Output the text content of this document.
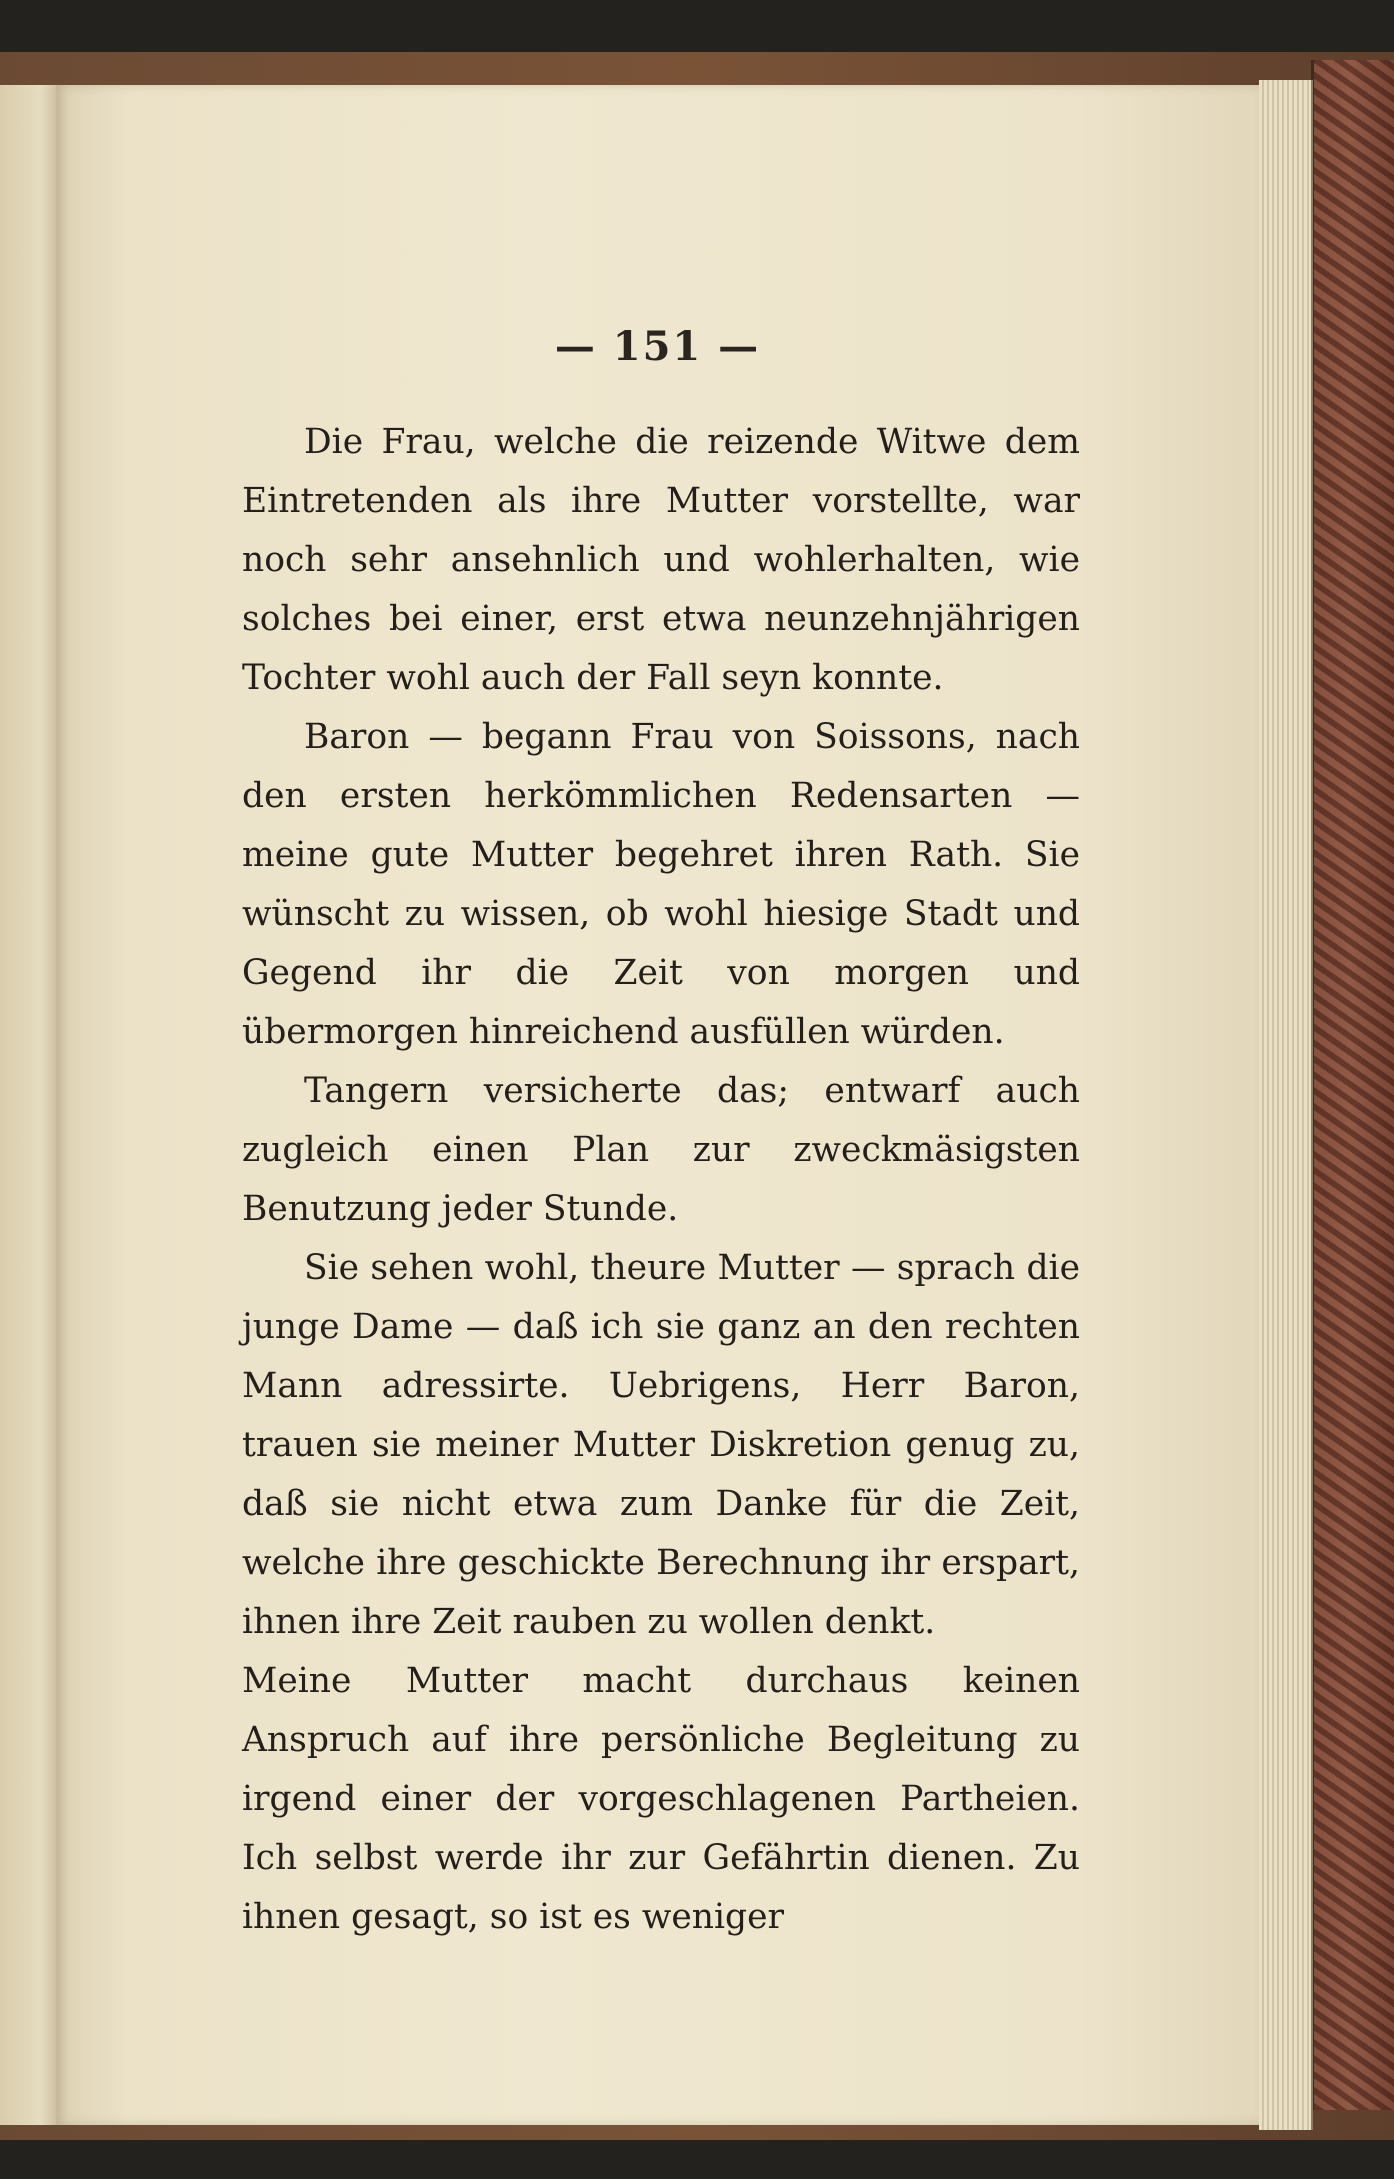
— 151 —

Die Frau, welche die reizende Witwe dem Eintretenden als ihre Mutter vorstellte, war noch sehr ansehnlich und wohlerhalten, wie solches bei einer, erst etwa neunzehnjährigen Tochter wohl auch der Fall seyn konnte.

Baron — begann Frau von Soissons, nach den ersten herkömmlichen Redensarten — meine gute Mutter begehret ihren Rath. Sie wünscht zu wissen, ob wohl hiesige Stadt und Gegend ihr die Zeit von morgen und übermorgen hinreichend ausfüllen würden.

Tangern versicherte das; entwarf auch zugleich einen Plan zur zweckmäsigsten Benutzung jeder Stunde.

Sie sehen wohl, theure Mutter — sprach die junge Dame — daß ich sie ganz an den rechten Mann adressirte. Uebrigens, Herr Baron, trauen sie meiner Mutter Diskretion genug zu, daß sie nicht etwa zum Danke für die Zeit, welche ihre geschickte Berechnung ihr erspart, ihnen ihre Zeit rauben zu wollen denkt.

Meine Mutter macht durchaus keinen Anspruch auf ihre persönliche Begleitung zu irgend einer der vorgeschlagenen Partheien. Ich selbst werde ihr zur Gefährtin dienen. Zu ihnen gesagt, so ist es weniger
